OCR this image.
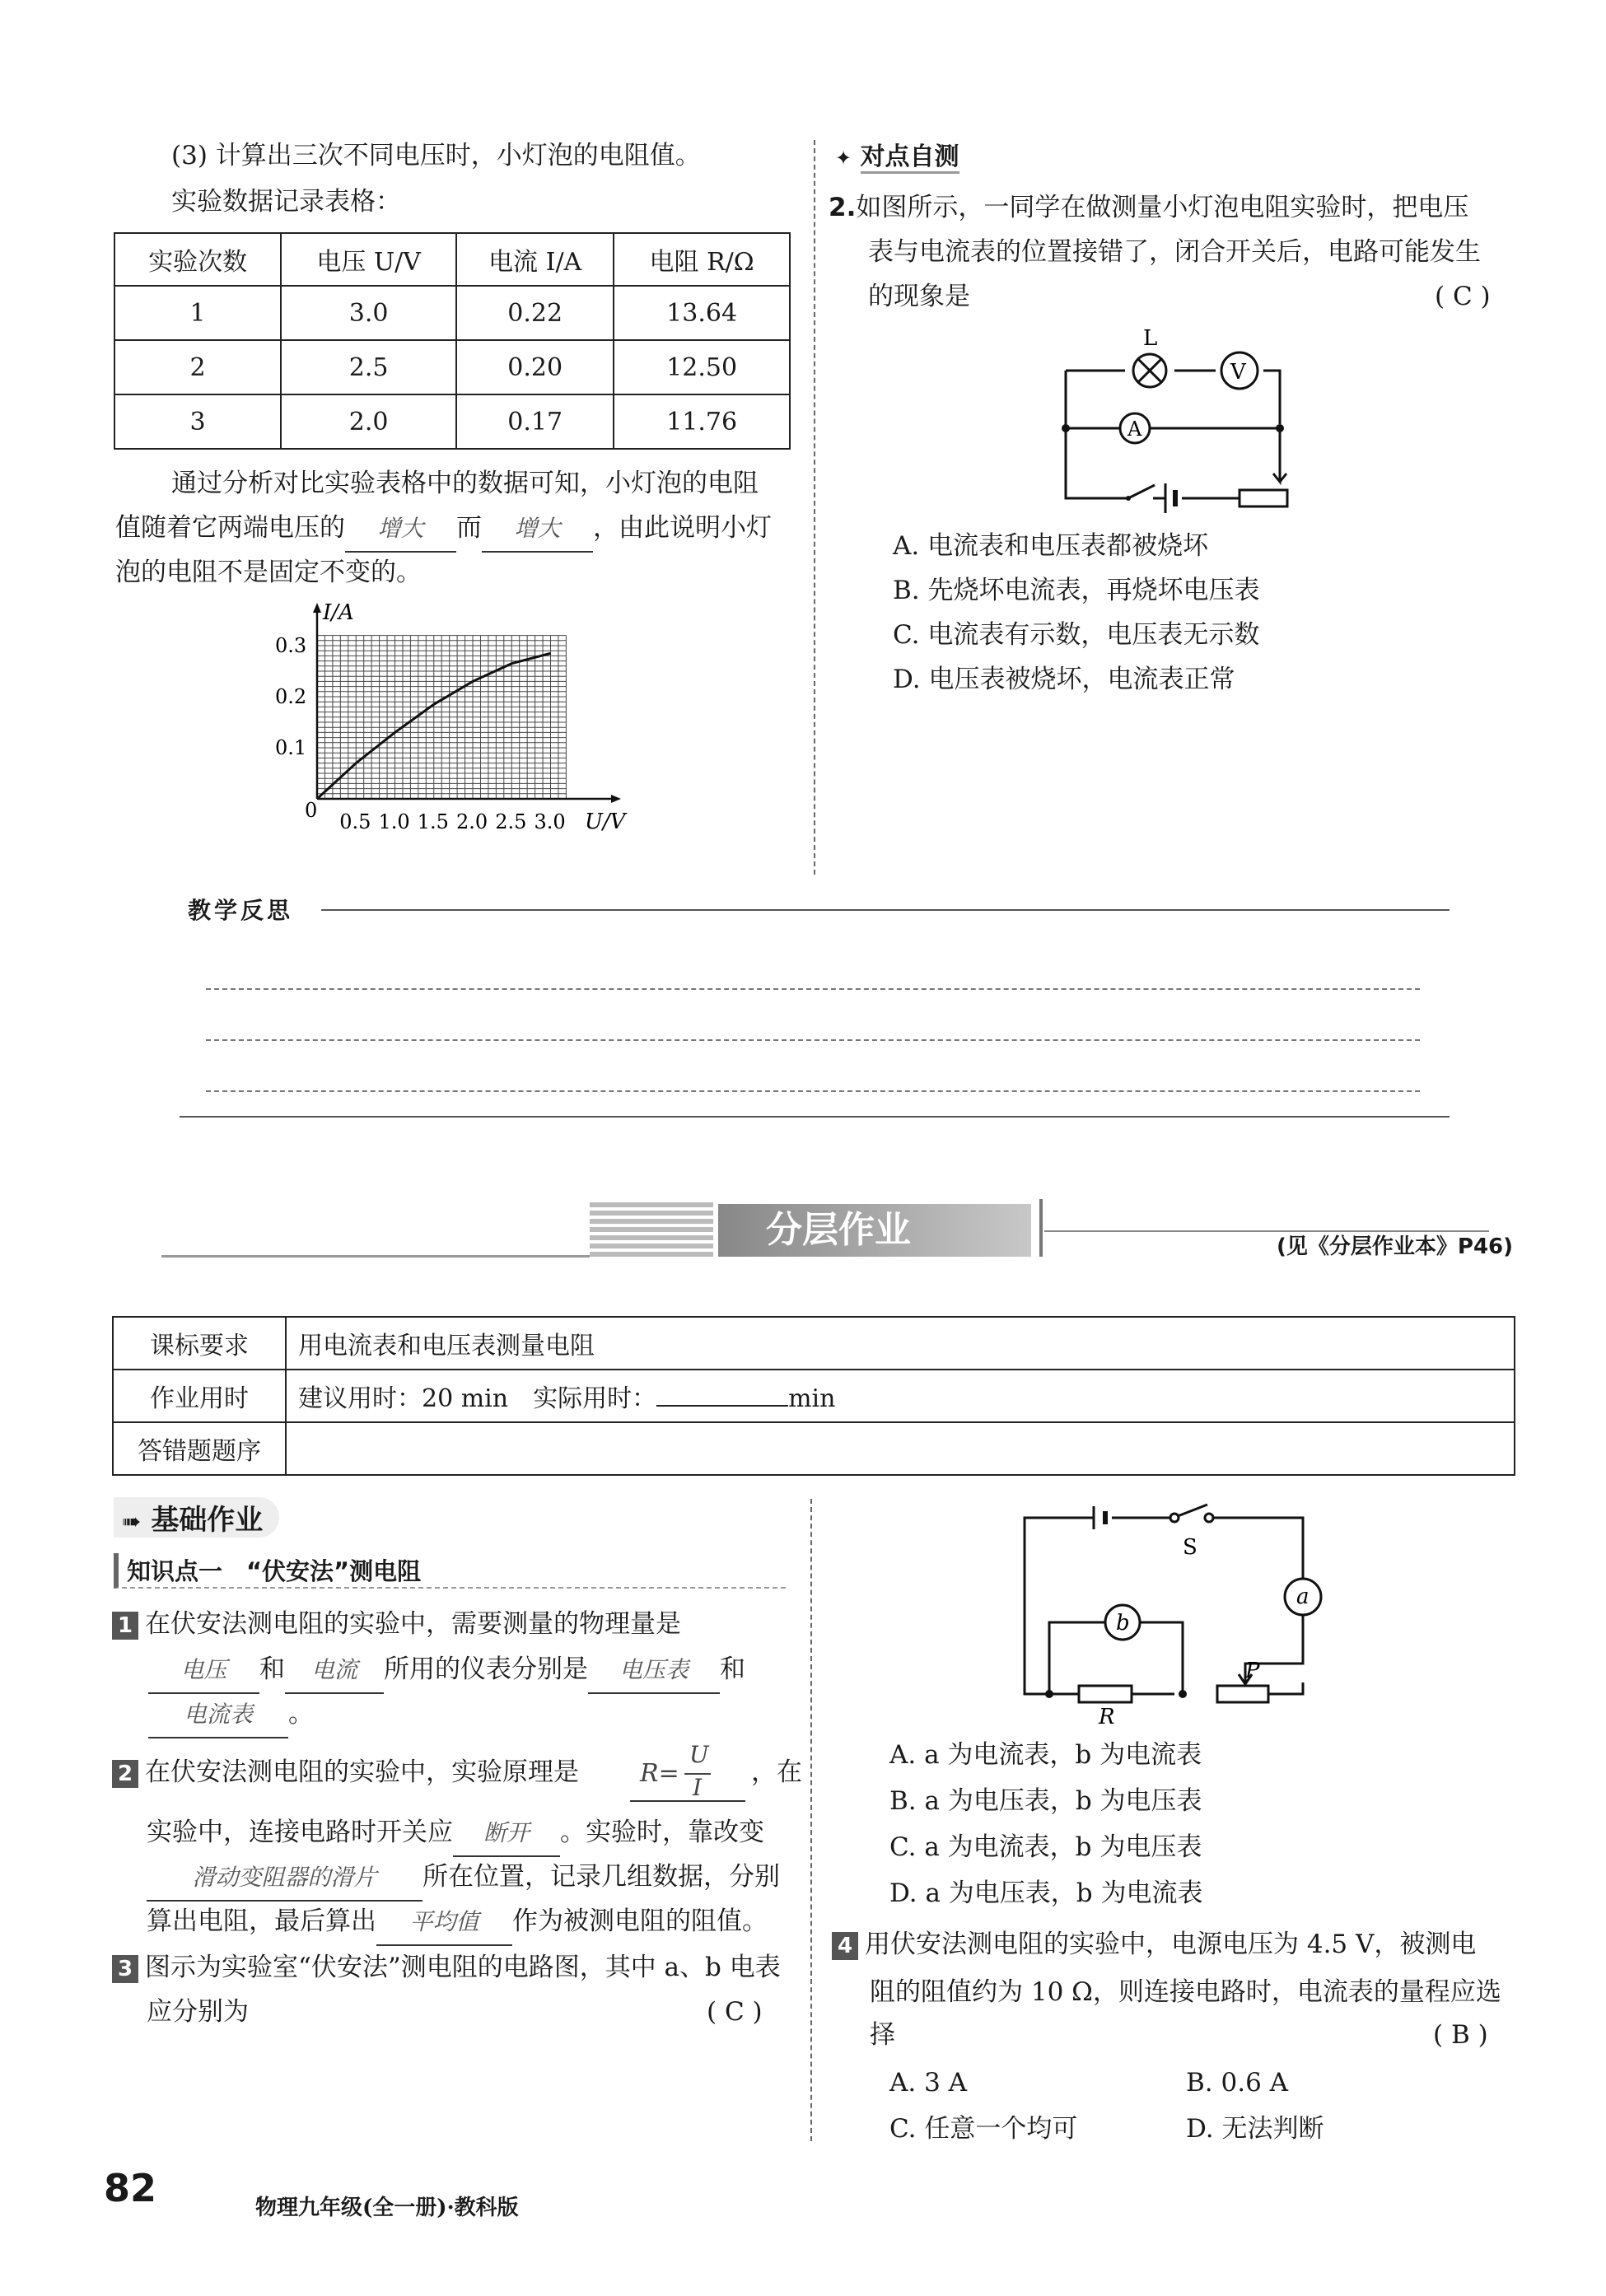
(3) 计算出三次不同电压时，小灯泡的电阻值。
实验数据记录表格：
实验次数	电压 U/V	电流 I/A	电阻 R/Ω
1	3.0	0.22	13.64
2	2.5	0.20	12.50
3	2.0	0.17	11.76
通过分析对比实验表格中的数据可知，小灯泡的电阻
值随着它两端电压的 增大 而 增大 ，由此说明小灯
泡的电阻不是固定不变的。
I/A
U/V
0 0.5 1.0 1.5 2.0 2.5 3.0
0.1
0.2
0.3
✦ 对点自测
2.如图所示，一同学在做测量小灯泡电阻实验时，把电压
表与电流表的位置接错了，闭合开关后，电路可能发生
的现象是	( C )
L
V
A
A. 电流表和电压表都被烧坏
B. 先烧坏电流表，再烧坏电压表
C. 电流表有示数，电压表无示数
D. 电压表被烧坏，电流表正常
教学反思
分层作业	(见《分层作业本》P46)
课标要求	用电流表和电压表测量电阻
作业用时	建议用时：20 min　实际用时： min
答错题题序	
➠ 基础作业
知识点一　“伏安法”测电阻
1 在伏安法测电阻的实验中，需要测量的物理量是
电压 和 电流 所用的仪表分别是 电压表 和
电流表 。
2 在伏安法测电阻的实验中，实验原理是 R=
U
I
，在
实验中，连接电路时开关应 断开 。实验时，靠改变
滑动变阻器的滑片 所在位置，记录几组数据，分别
算出电阻，最后算出 平均值 作为被测电阻的阻值。
3 图示为实验室“伏安法”测电阻的电路图，其中 a、b 电表
应分别为	( C )
S
a
b
R
P
A. a 为电流表，b 为电流表
B. a 为电压表，b 为电压表
C. a 为电流表，b 为电压表
D. a 为电压表，b 为电流表
4 用伏安法测电阻的实验中，电源电压为 4.5 V，被测电
阻的阻值约为 10 Ω，则连接电路时，电流表的量程应选
择	( B )
A. 3 A	B. 0.6 A
C. 任意一个均可	D. 无法判断
82	物理九年级(全一册)·教科版
